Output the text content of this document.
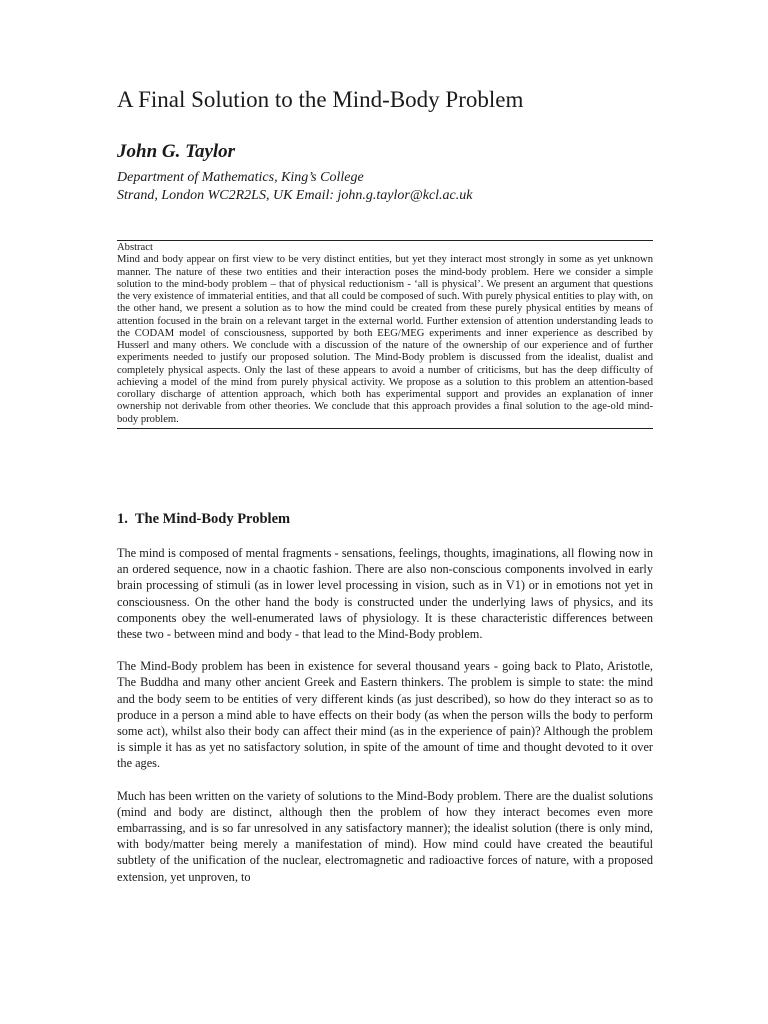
A Final Solution to the Mind-Body Problem
John G. Taylor
Department of Mathematics, King’s College
Strand, London WC2R2LS, UK Email: john.g.taylor@kcl.ac.uk
Abstract
Mind and body appear on first view to be very distinct entities, but yet they interact most strongly in some as yet unknown manner. The nature of these two entities and their interaction poses the mind-body problem. Here we consider a simple solution to the mind-body problem – that of physical reductionism - ‘all is physical’. We present an argument that questions the very existence of immaterial entities, and that all could be composed of such. With purely physical entities to play with, on the other hand, we present a solution as to how the mind could be created from these purely physical entities by means of attention focused in the brain on a relevant target in the external world. Further extension of attention understanding leads to the CODAM model of consciousness, supported by both EEG/MEG experiments and inner experience as described by Husserl and many others. We conclude with a discussion of the nature of the ownership of our experience and of further experiments needed to justify our proposed solution. The Mind-Body problem is discussed from the idealist, dualist and completely physical aspects. Only the last of these appears to avoid a number of criticisms, but has the deep difficulty of achieving a model of the mind from purely physical activity. We propose as a solution to this problem an attention-based corollary discharge of attention approach, which both has experimental support and provides an explanation of inner ownership not derivable from other theories. We conclude that this approach provides a final solution to the age-old mind-body problem.
1. The Mind-Body Problem

The mind is composed of mental fragments - sensations, feelings, thoughts, imaginations, all flowing now in an ordered sequence, now in a chaotic fashion. There are also non-conscious components involved in early brain processing of stimuli (as in lower level processing in vision, such as in V1) or in emotions not yet in consciousness. On the other hand the body is constructed under the underlying laws of physics, and its components obey the well-enumerated laws of physiology. It is these characteristic differences between these two - between mind and body - that lead to the Mind-Body problem.

The Mind-Body problem has been in existence for several thousand years - going back to Plato, Aristotle, The Buddha and many other ancient Greek and Eastern thinkers. The problem is simple to state: the mind and the body seem to be entities of very different kinds (as just described), so how do they interact so as to produce in a person a mind able to have effects on their body (as when the person wills the body to perform some act), whilst also their body can affect their mind (as in the experience of pain)? Although the problem is simple it has as yet no satisfactory solution, in spite of the amount of time and thought devoted to it over the ages.

Much has been written on the variety of solutions to the Mind-Body problem. There are the dualist solutions (mind and body are distinct, although then the problem of how they interact becomes even more embarrassing, and is so far unresolved in any satisfactory manner); the idealist solution (there is only mind, with body/matter being merely a manifestation of mind). How mind could have created the beautiful subtlety of the unification of the nuclear, electromagnetic and radioactive forces of nature, with a proposed extension, yet unproven, to
